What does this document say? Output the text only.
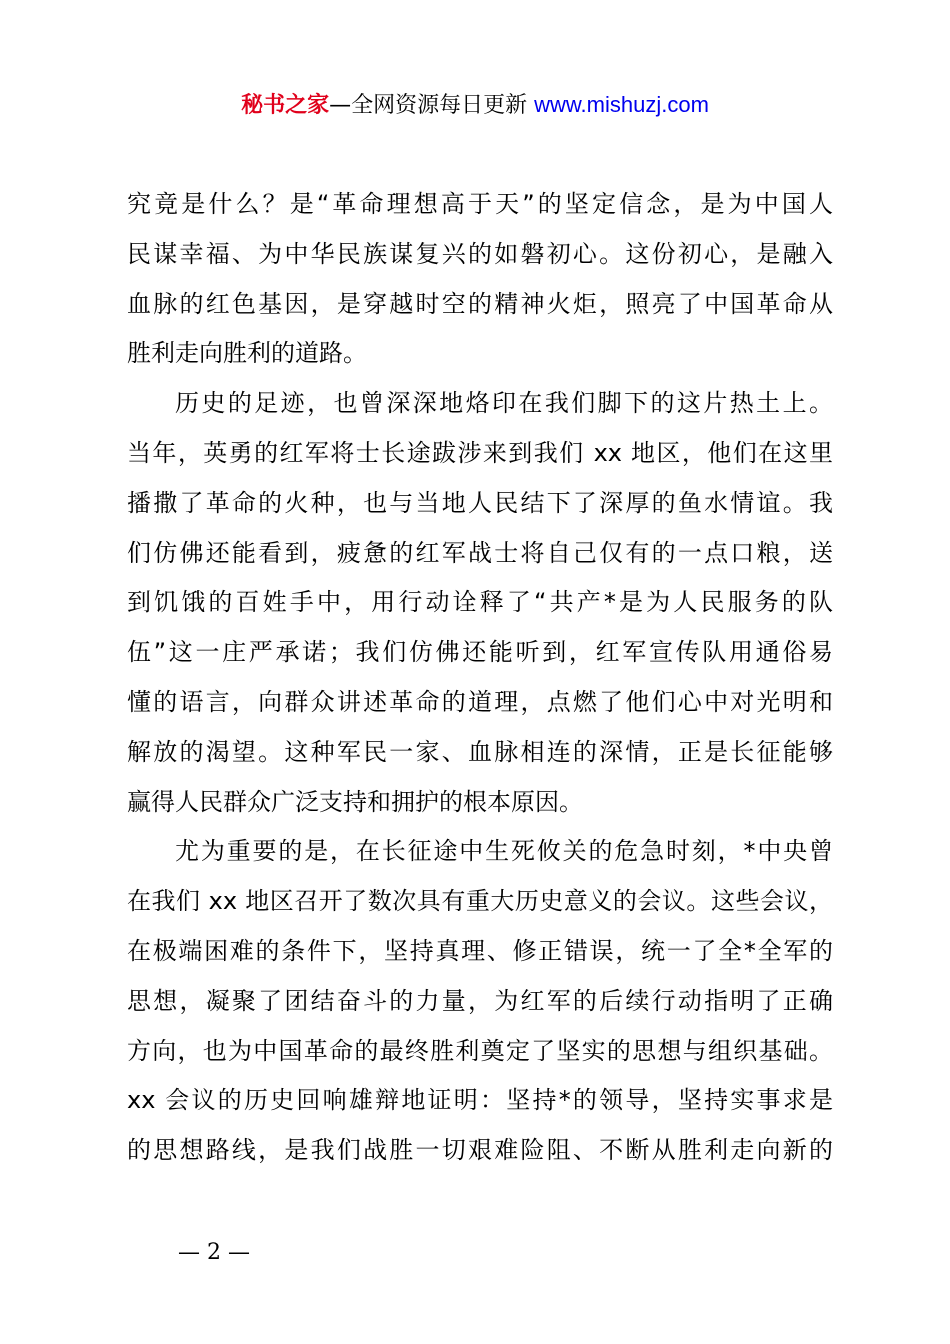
秘书之家—全网资源每日更新 www.mishuzj.com
究竟是什么？是“革命理想高于天”的坚定信念，是为中国人
民谋幸福、为中华民族谋复兴的如磐初心。这份初心，是融入
血脉的红色基因，是穿越时空的精神火炬，照亮了中国革命从
胜利走向胜利的道路。
历史的足迹，也曾深深地烙印在我们脚下的这片热土上。
当年，英勇的红军将士长途跋涉来到我们 xx 地区，他们在这里
播撒了革命的火种，也与当地人民结下了深厚的鱼水情谊。我
们仿佛还能看到，疲惫的红军战士将自己仅有的一点口粮，送
到饥饿的百姓手中，用行动诠释了“共产*是为人民服务的队
伍”这一庄严承诺；我们仿佛还能听到，红军宣传队用通俗易
懂的语言，向群众讲述革命的道理，点燃了他们心中对光明和
解放的渴望。这种军民一家、血脉相连的深情，正是长征能够
赢得人民群众广泛支持和拥护的根本原因。
尤为重要的是，在长征途中生死攸关的危急时刻，*中央曾
在我们 xx 地区召开了数次具有重大历史意义的会议。这些会议，
在极端困难的条件下，坚持真理、修正错误，统一了全*全军的
思想，凝聚了团结奋斗的力量，为红军的后续行动指明了正确
方向，也为中国革命的最终胜利奠定了坚实的思想与组织基础。
xx 会议的历史回响雄辩地证明：坚持*的领导，坚持实事求是
的思想路线，是我们战胜一切艰难险阻、不断从胜利走向新的
— 2 —
